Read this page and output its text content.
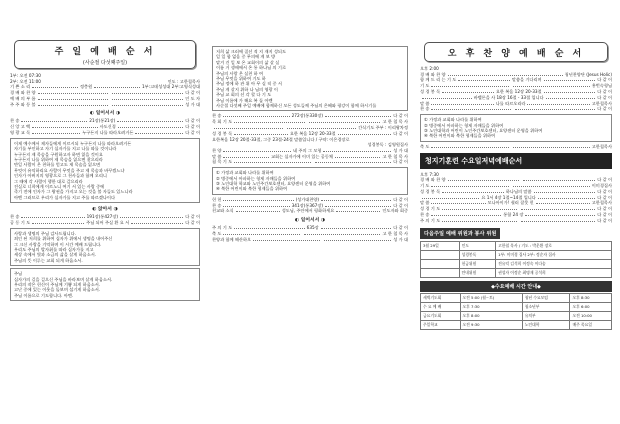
주 일 예 배 순 서
(사순절 다섯째주일)
1부: 오전 07:30
2부: 오전 11:00	인도 : 고한철목사
기 쁜 소 리	정충원	1부:고데성성대 2부:고영식성대
경 배 와 찬 양	다 같 이
예 배 의 부 름	인 도 자
주 주 와 등 불	성 가 대
◐ 일어서서 ◑
찬 송	21장(통21장)	다 같 이
신 앙 고 백	사도신경	다 같 이
영 광 교 독	누구든지 나를 따라오려거든	다 같 이
이제 예수께서 제자들에게 이르시되 누구든지 나를 따라오려거든
자기를 부인하고 자기 십자가를 지고 나를 따를 것이니라
누구든지 제 목숨을 구원하고자 하면 잃을 것이요
누구든지 나를 위하여 제 목숨을 잃으면 찾으리라
만일 사람이 온 천하를 얻고도 제 목숨을 잃으면
무엇이 유익하리요 사람이 무엇을 주고 제 목숨과 바꾸겠느냐
인자가 아버지의 영광으로 그 천사들과 함께 오리니
그 때에 각 사람이 행한 대로 갚으리라
진실로 너희에게 이르노니 여기 서 있는 사람 중에
죽기 전에 인자가 그 왕권을 가지고 오는 것을 볼 자들도 있느니라
아멘 그러므로 우리가 십자가를 지고 주를 따르겠나이다
◐ 앉아서 ◑
찬 송	191장(통427장)	다 같 이
공 동 기 도	주님 되어 주실 환 요 서	다 같 이
사랑과 생명의 주님 감사드립니다.
죄인 된 저희를 위하여 십자가 위에서 생명을 내어주신
그 크신 사랑을 기억하며 이 시간 예배 드립니다.
우리도 주님의 발자취를 따라 십자가를 지고
세상 속에서 빛과 소금의 삶을 살게 하옵소서.
주님의 뜻 이루는 교회 되게 하옵소서.
주님
십자가의 길을 걸으신 주님을 바라보며 살게 하옵소서.
우리의 작은 헌신이 주님께 기쁨 되게 하옵소서.
고난 중에 있는 이웃을 돌보며 섬기게 하옵소서.
주님 이름으로 기도합니다. 아멘.
저희 삶 크러에 질선 적 지 재지 성되도
일 일 함 없음 중 무의에 게 보 방
맡겨 건 일 보 온 교회이의 삶 살 실
이름 거 생애에서 온 통 하나님 의 기로
주님의 사랑 온 실천 하 여
주님 무엇을 위하여 기도 하
주님 정에 하 관 위 아 무 실 직 중 서
주님 게 살지 위하 나 님의 영광 이
주님 교 회의 선 각 할 다 기 도
주님 이름에 가 해요 복 돌 아멘
사순절 다섯째 주일 예배에 함께하신 모든 성도들께 주님의 은혜와 평강이 함께 하시기를
찬 송	272장(통330장)	다 같 이
목 회 기 도	고 한 철 목 사
간식기도 주부 : 이리왕차정
성 경 봉 독	요한 복음 12장 20-33절	다 같 이
요한복음 12장 20절-33절, 그중 23절-24절 말씀입니다 / 구약: 이은경장로
성경봉독 : 김영원집사
찬 양	네 주의 그 모형	성 가 대
말 씀	교회는 십자가에 이미 있는 공동체	고 한 철 목 사
침 묵 기 도	다 같 이
① 가정과 교회와 나라를 위하여
② 병중에서 아파하는 형제 자매들을 위하여
③ 노인대학 학교와 노인주간보호센터, 요양센터 운영을 위하여
④ 북한 어린이와 북한 형제들을 위하여
헌 헌	(성가대찬양)	다 같 이
찬 송	341장(통367장)	다 같 이
친교와 소식	성도님, 주안에서 평화하세요	인도자와 회중
◐ 일어서서 ◑
주 의 기 도	635장	다 같 이
축 도	고 한 철 목 사
찬양과 함께 해산하오	성 가 대
오 후 찬 양 예 배 순 서
오후 2:00
경 배 와 찬 양	청년찬양단 (Jesus Holic)
함 께 드 리 는 기 도	말씀을 기다리며	다 같 이
기 도	홍번숙형님
성 경 봉 독	요한 복음 12장 20-33절	다 같 이
바벨론을 사 18장 16절 - 33절 입니다	다 같 이
말 씀	나를 따르오리라	고한철목사
찬 송	다 같 이
① 가정과 교회와 나라를 위하여
② 병중에서 아파하는 형제 자매들을 위하여
③ 노인대학과 어린이 노인주간보호센터, 요양센터 운영을 위하여
④ 북한 어린이와 북한 형제들을 위하여
축 도	고한철목사
청지기훈련 수요일저녁예배순서
오후 7:30
경 배 와 찬 양	다 같 이
기 도	이미경집사
성 경 봉 독	하나님의 말씀	다 같 이
요 1서 4장 1절~14절 입니다	다 같 이
말 씀	모나아이가! 쉴러 잘못 힌	고한철목사
성 경 기 도	다 같 이
찬 송	통합 24 장	다 같 이
주 의 기 도	다 같 이
다음주일 예배 위원과 봉사 위원
3월 29일	인도	고한철 목사 / 기도 : 박운환 장로
	성경봉독	1부: 이미경 집사 2부: 정순자 집사
	헌금위원	전유덕 김석희 이정숙 이다솜
	안내위원	권성자 이정순 최명재 공석희
◆수요예배 시간 안내◆
새벽기도회	오전 5:00 (월~토)	청년 수요모임	오후 8:30
수 요 예 배	오후 7:30	청소년부	오후 6:00
금요기도회	오후 8:00	유치부	오전 10:00
주일학교	오전 9:30	노인대학	매주 목요일
